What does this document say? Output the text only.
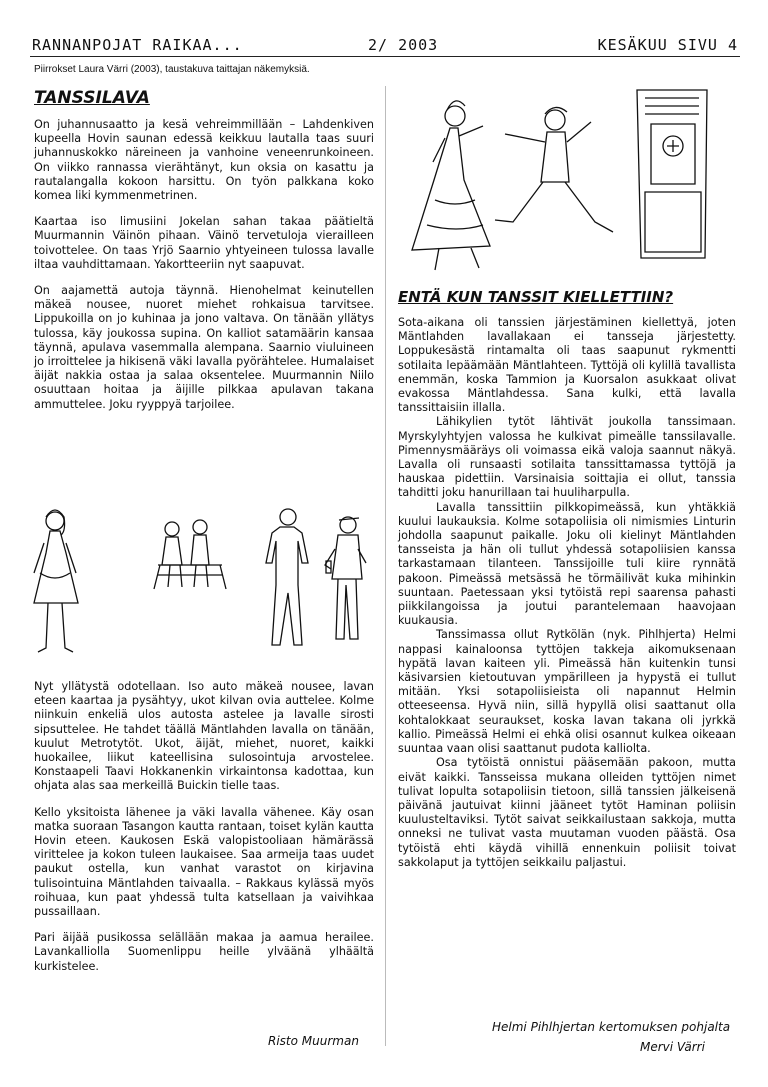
RANNANPOJAT RAIKAA...	2/ 2003	KESÄKUU SIVU 4
Piirrokset Laura Värri (2003), taustakuva taittajan näkemyksiä.
TANSSILAVA

On juhannusaatto ja kesä vehreimmillään – Lahdenkiven kupeella Hovin saunan edessä keikkuu lautalla taas suuri juhannuskokko näreineen ja vanhoine veneenrunkoineen. On viikko rannassa vierähtänyt, kun oksia on kasattu ja rautalangalla kokoon harsittu. On työn palkkana koko komea liki kymmenmetrinen.

Kaartaa iso limusiini Jokelan sahan takaa päätieltä Muurmannin Väinön pihaan. Väinö tervetuloja vierailleen toivottelee. On taas Yrjö Saarnio yhtyeineen tulossa lavalle iltaa vauhdittamaan. Yakortteeriin nyt saapuvat.

On aajamettä autoja täynnä. Hienohelmat keinutellen mäkeä nousee, nuoret miehet rohkaisua tarvitsee. Lippukoilla on jo kuhinaa ja jono valtava. On tänään yllätys tulossa, käy joukossa supina. On kalliot satamäärin kansaa täynnä, apulava vasemmalla alempana. Saarnio viuluineen jo irroittelee ja hikisenä väki lavalla pyörähtelee. Humalaiset äijät nakkia ostaa ja salaa oksentelee. Muurmannin Niilo osuuttaan hoitaa ja äijille pilkkaa apulavan takana ammuttelee. Joku ryyppyä tarjoilee.

Nyt yllätystä odotellaan. Iso auto mäkeä nousee, lavan eteen kaartaa ja pysähtyy, ukot kilvan ovia auttelee. Kolme niinkuin enkeliä ulos autosta astelee ja lavalle sirosti sipsuttelee. He tahdet täällä Mäntlahden lavalla on tänään, kuulut Metrotytöt. Ukot, äijät, miehet, nuoret, kaikki huokailee, liikut kateellisina sulosointuja arvostelee. Konstaapeli Taavi Hokkanenkin virkaintonsa kadottaa, kun ohjata alas saa merkeillä Buickin tielle taas.

Kello yksitoista lähenee ja väki lavalla vähenee. Käy osan matka suoraan Tasangon kautta rantaan, toiset kylän kautta Hovin eteen. Kaukosen Eskä valopistooliaan hämärässä virittelee ja kokon tuleen laukaisee. Saa armeija taas uudet paukut ostella, kun vanhat varastot on kirjavina tulisointuina Mäntlahden taivaalla. – Rakkaus kylässä myös roihuaa, kun paat yhdessä tulta katsellaan ja vaivihkaa pussaillaan.

Pari äijää pusikossa selällään makaa ja aamua herailee. Lavankalliolla Suomenlippu heille ylväänä ylhäältä kurkistelee.

Risto Muurman
ENTÄ KUN TANSSIT KIELLETTIIN?

Sota-aikana oli tanssien järjestäminen kiellettyä, joten Mäntlahden lavallakaan ei tansseja järjestetty. Loppukesästä rintamalta oli taas saapunut rykmentti sotilaita lepäämään Mäntlahteen. Tyttöjä oli kylillä tavallista enemmän, koska Tammion ja Kuorsalon asukkaat olivat evakossa Mäntlahdessa. Sana kulki, että lavalla tanssittaisiin illalla.

Lähikylien tytöt lähtivät joukolla tanssimaan. Myrskylyhtyjen valossa he kulkivat pimeälle tanssilavalle. Pimennysmääräys oli voimassa eikä valoja saannut näkyä. Lavalla oli runsaasti sotilaita tanssittamassa tyttöjä ja hauskaa pidettiin. Varsinaisia soittajia ei ollut, tanssia tahditti joku hanurillaan tai huuliharpulla.

Lavalla tanssittiin pilkkopimeässä, kun yhtäkkiä kuului laukauksia. Kolme sotapoliisia oli nimismies Linturin johdolla saapunut paikalle. Joku oli kielinyt Mäntlahden tansseista ja hän oli tullut yhdessä sotapoliisien kanssa tarkastamaan tilanteen. Tanssijoille tuli kiire rynnätä pakoon. Pimeässä metsässä he törmäilivät kuka mihinkin suuntaan. Paetessaan yksi tytöistä repi saarensa pahasti piikkilangoissa ja joutui parantelemaan haavojaan kuukausia.

Tanssimassa ollut Rytkölän (nyk. Pihlhjerta) Helmi nappasi kainaloonsa tyttöjen takkeja aikomuksenaan hypätä lavan kaiteen yli. Pimeässä hän kuitenkin tunsi käsivarsien kietoutuvan ympärilleen ja hypystä ei tullut mitään. Yksi sotapoliisieista oli napannut Helmin otteeseensa. Hyvä niin, sillä hypyllä olisi saattanut olla kohtalokkaat seuraukset, koska lavan takana oli jyrkkä kallio. Pimeässä Helmi ei ehkä olisi osannut kulkea oikeaan suuntaa vaan olisi saattanut pudota kalliolta.

Osa tytöistä onnistui pääsemään pakoon, mutta eivät kaikki. Tansseissa mukana olleiden tyttöjen nimet tulivat lopulta sotapoliisin tietoon, sillä tanssien jälkeisenä päivänä jautuivat kiinni jääneet tytöt Haminan poliisin kuulusteltaviksi. Tytöt saivat seikkailustaan sakkoja, mutta onneksi ne tulivat vasta muutaman vuoden päästä. Osa tytöistä ehti käydä vihillä ennenkuin poliisit toivat sakkolaput ja tyttöjen seikkailu paljastui.

Helmi Pihlhjertan kertomuksen pohjalta
Mervi Värri
